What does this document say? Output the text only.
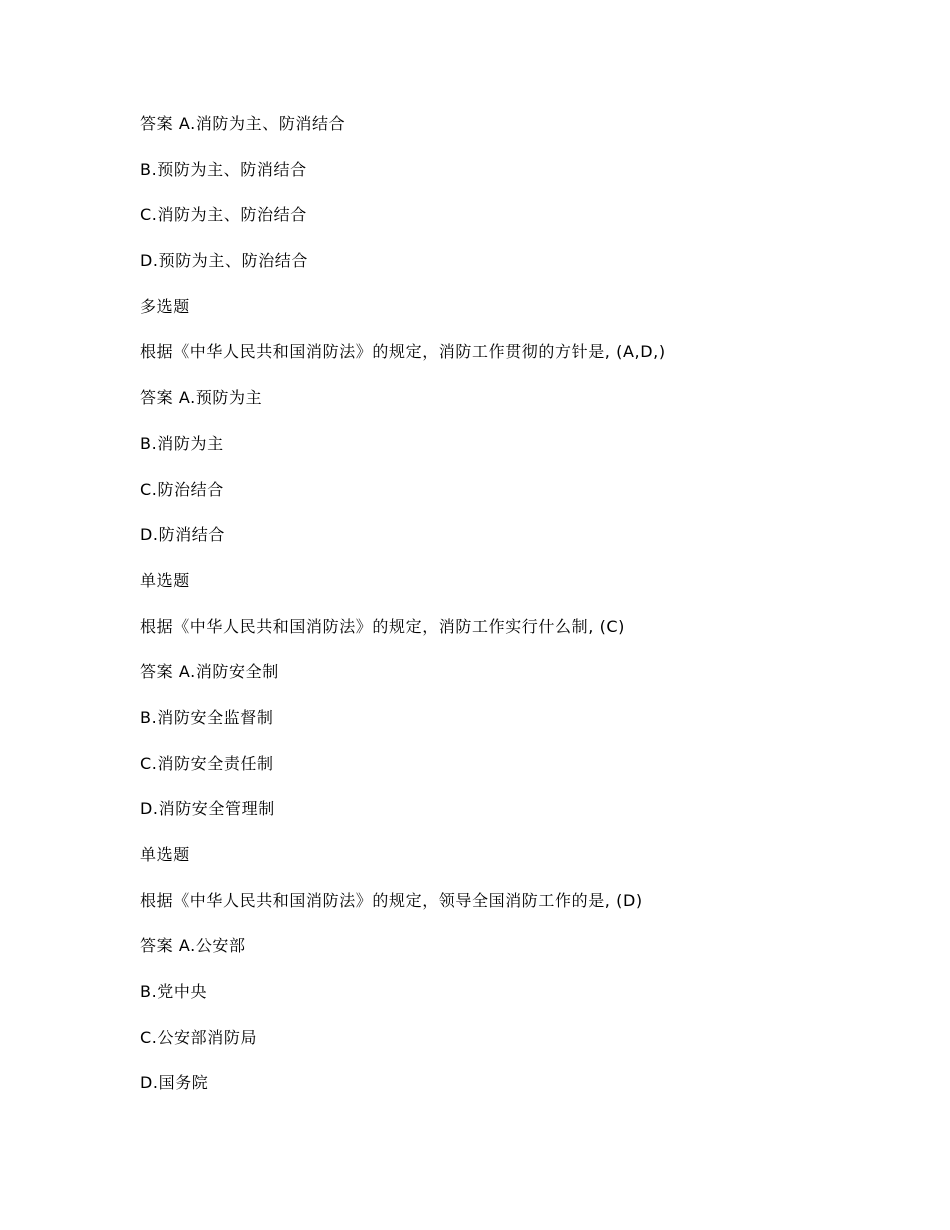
答案 A.消防为主、防消结合
B.预防为主、防消结合
C.消防为主、防治结合
D.预防为主、防治结合
多选题
根据《中华人民共和国消防法》的规定，消防工作贯彻的方针是, (A,D,)
答案 A.预防为主
B.消防为主
C.防治结合
D.防消结合
单选题
根据《中华人民共和国消防法》的规定，消防工作实行什么制, (C)
答案 A.消防安全制
B.消防安全监督制
C.消防安全责任制
D.消防安全管理制
单选题
根据《中华人民共和国消防法》的规定，领导全国消防工作的是, (D)
答案 A.公安部
B.党中央
C.公安部消防局
D.国务院
